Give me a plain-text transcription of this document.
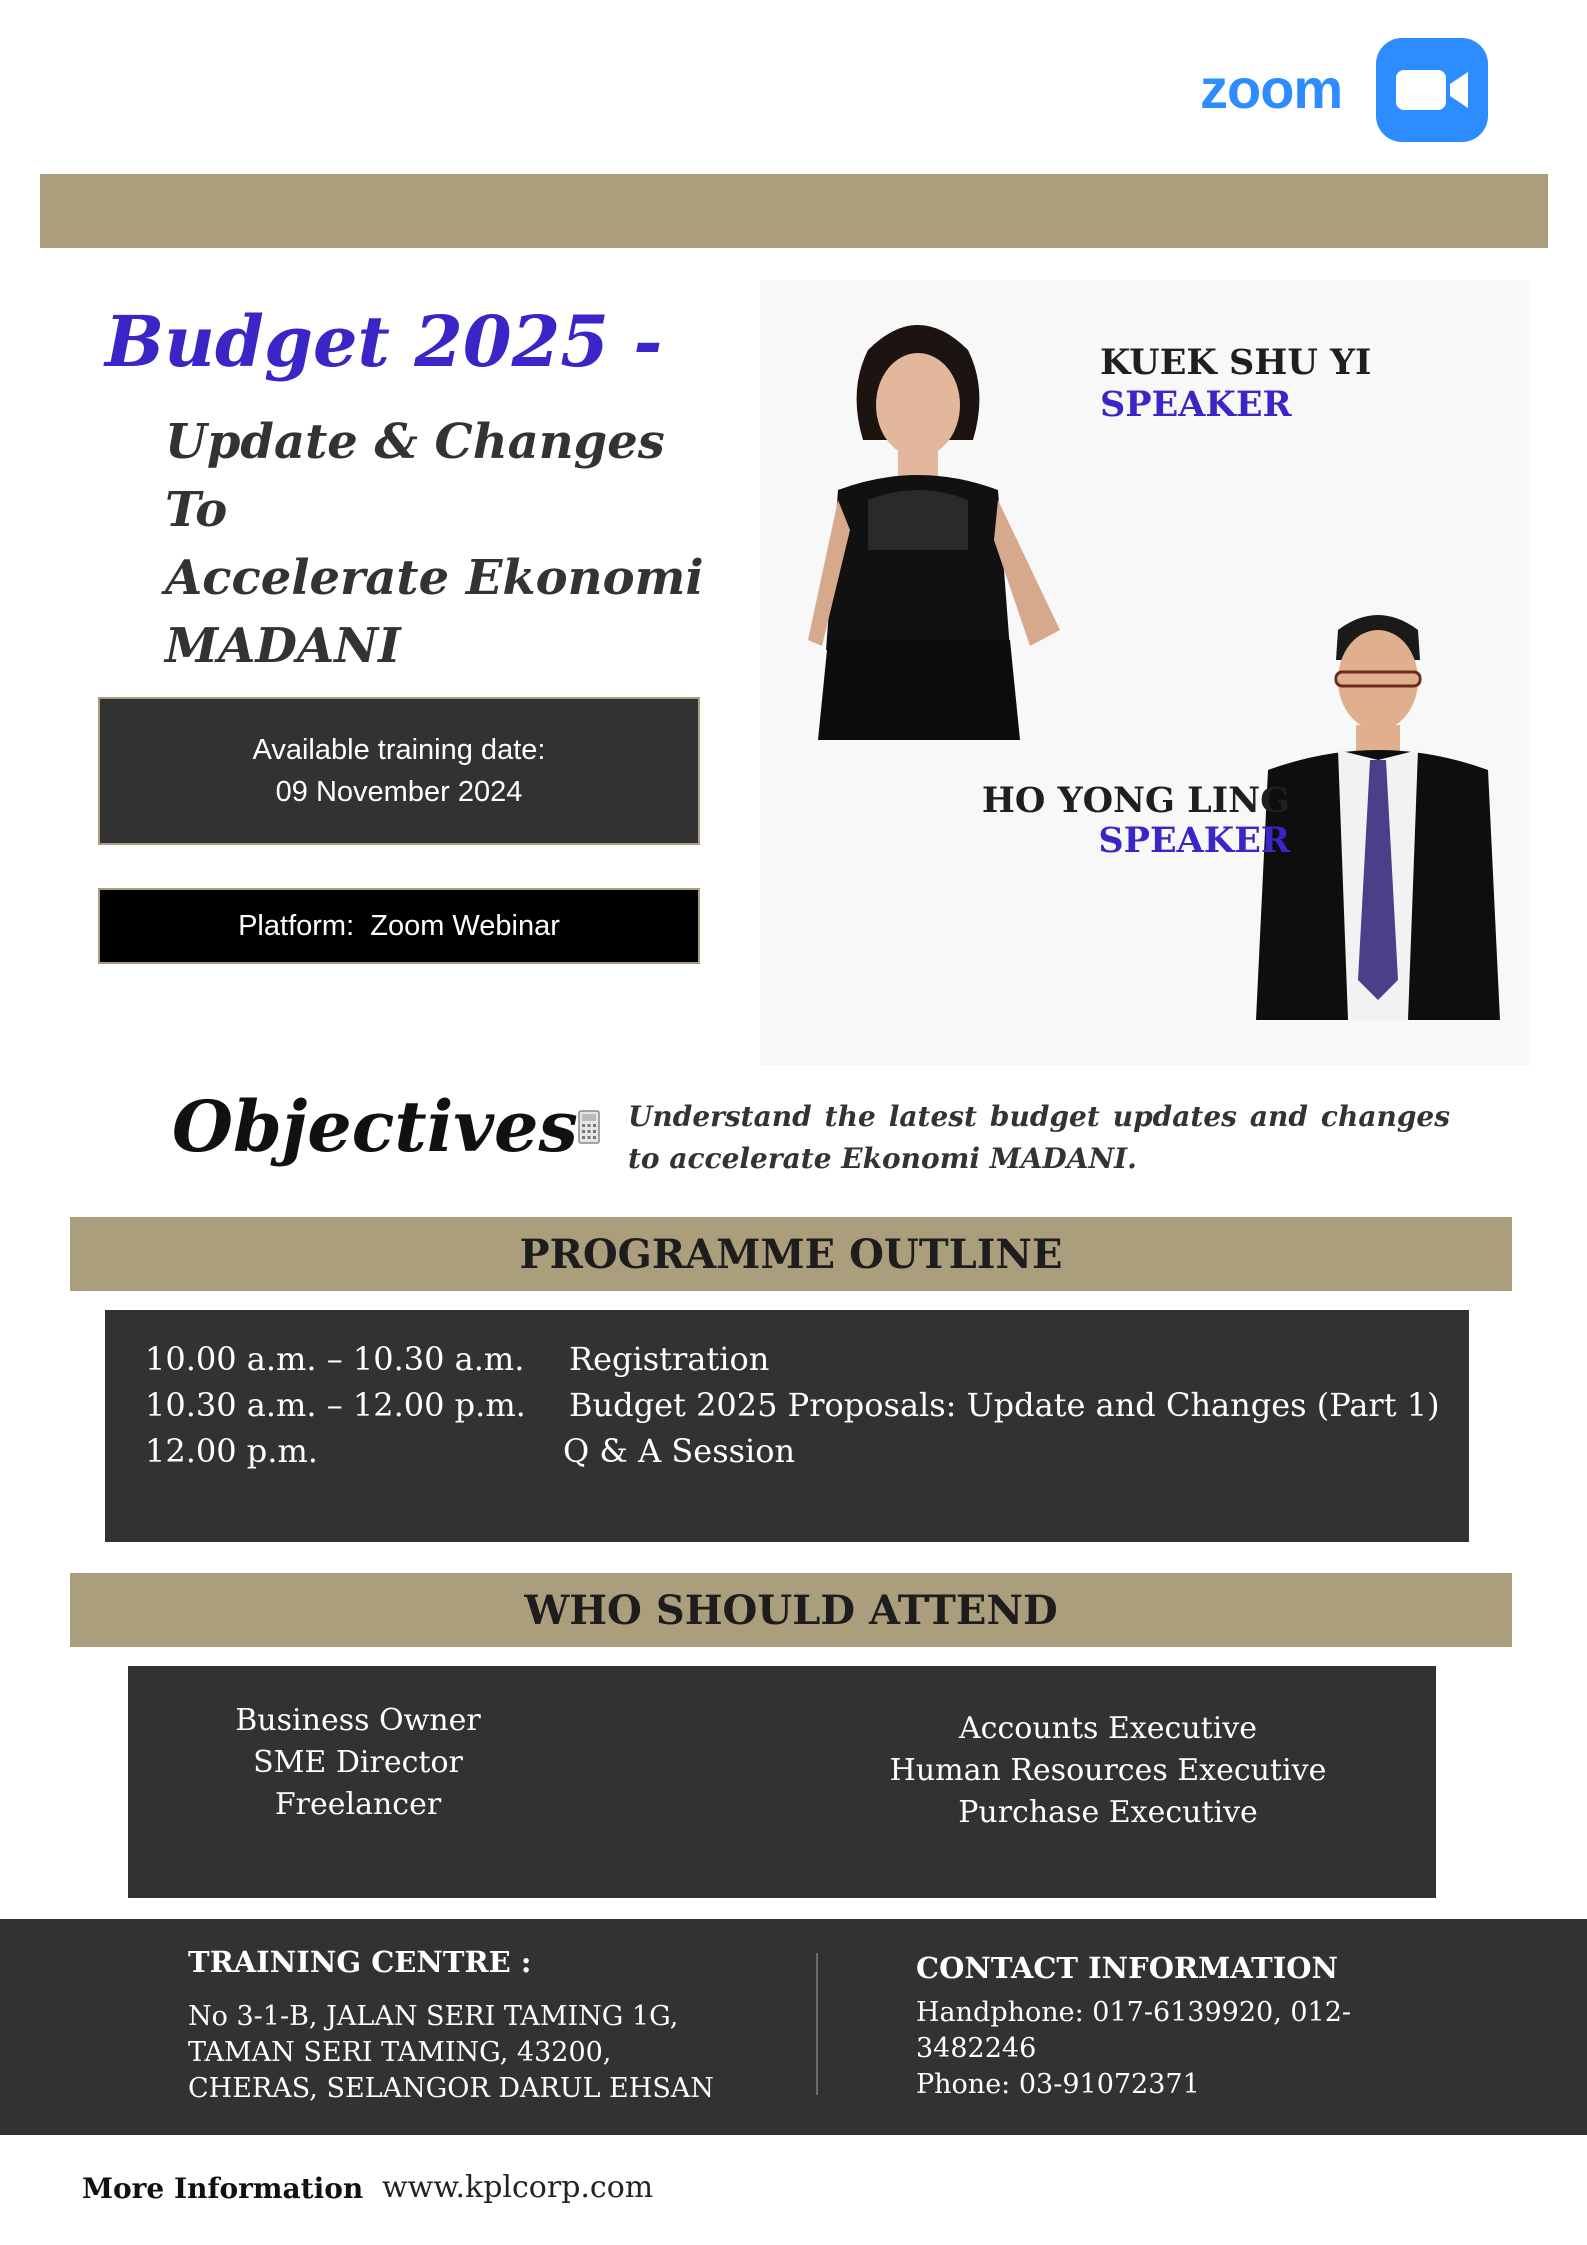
zoom
Budget 2025 -
Update & Changes To
Accelerate Ekonomi
MADANI
Available training date:
09 November 2024
Platform:  Zoom Webinar
KUEK SHU YI
SPEAKER
HO YONG LING
SPEAKER
Objectives Understand the latest budget updates and changes to accelerate Ekonomi MADANI.
PROGRAMME OUTLINE
10.00 a.m. – 10.30 a.m. Registration
10.30 a.m. – 12.00 p.m. Budget 2025 Proposals: Update and Changes (Part 1)
12.00 p.m.	Q & A Session
WHO SHOULD ATTEND
Business Owner
SME Director
Freelancer
Accounts Executive
Human Resources Executive
Purchase Executive
TRAINING CENTRE :
No 3-1-B, JALAN SERI TAMING 1G,
TAMAN SERI TAMING, 43200,
CHERAS, SELANGOR DARUL EHSAN
CONTACT INFORMATION
Handphone: 017-6139920, 012-
3482246
Phone: 03-91072371
More Information www.kplcorp.com
